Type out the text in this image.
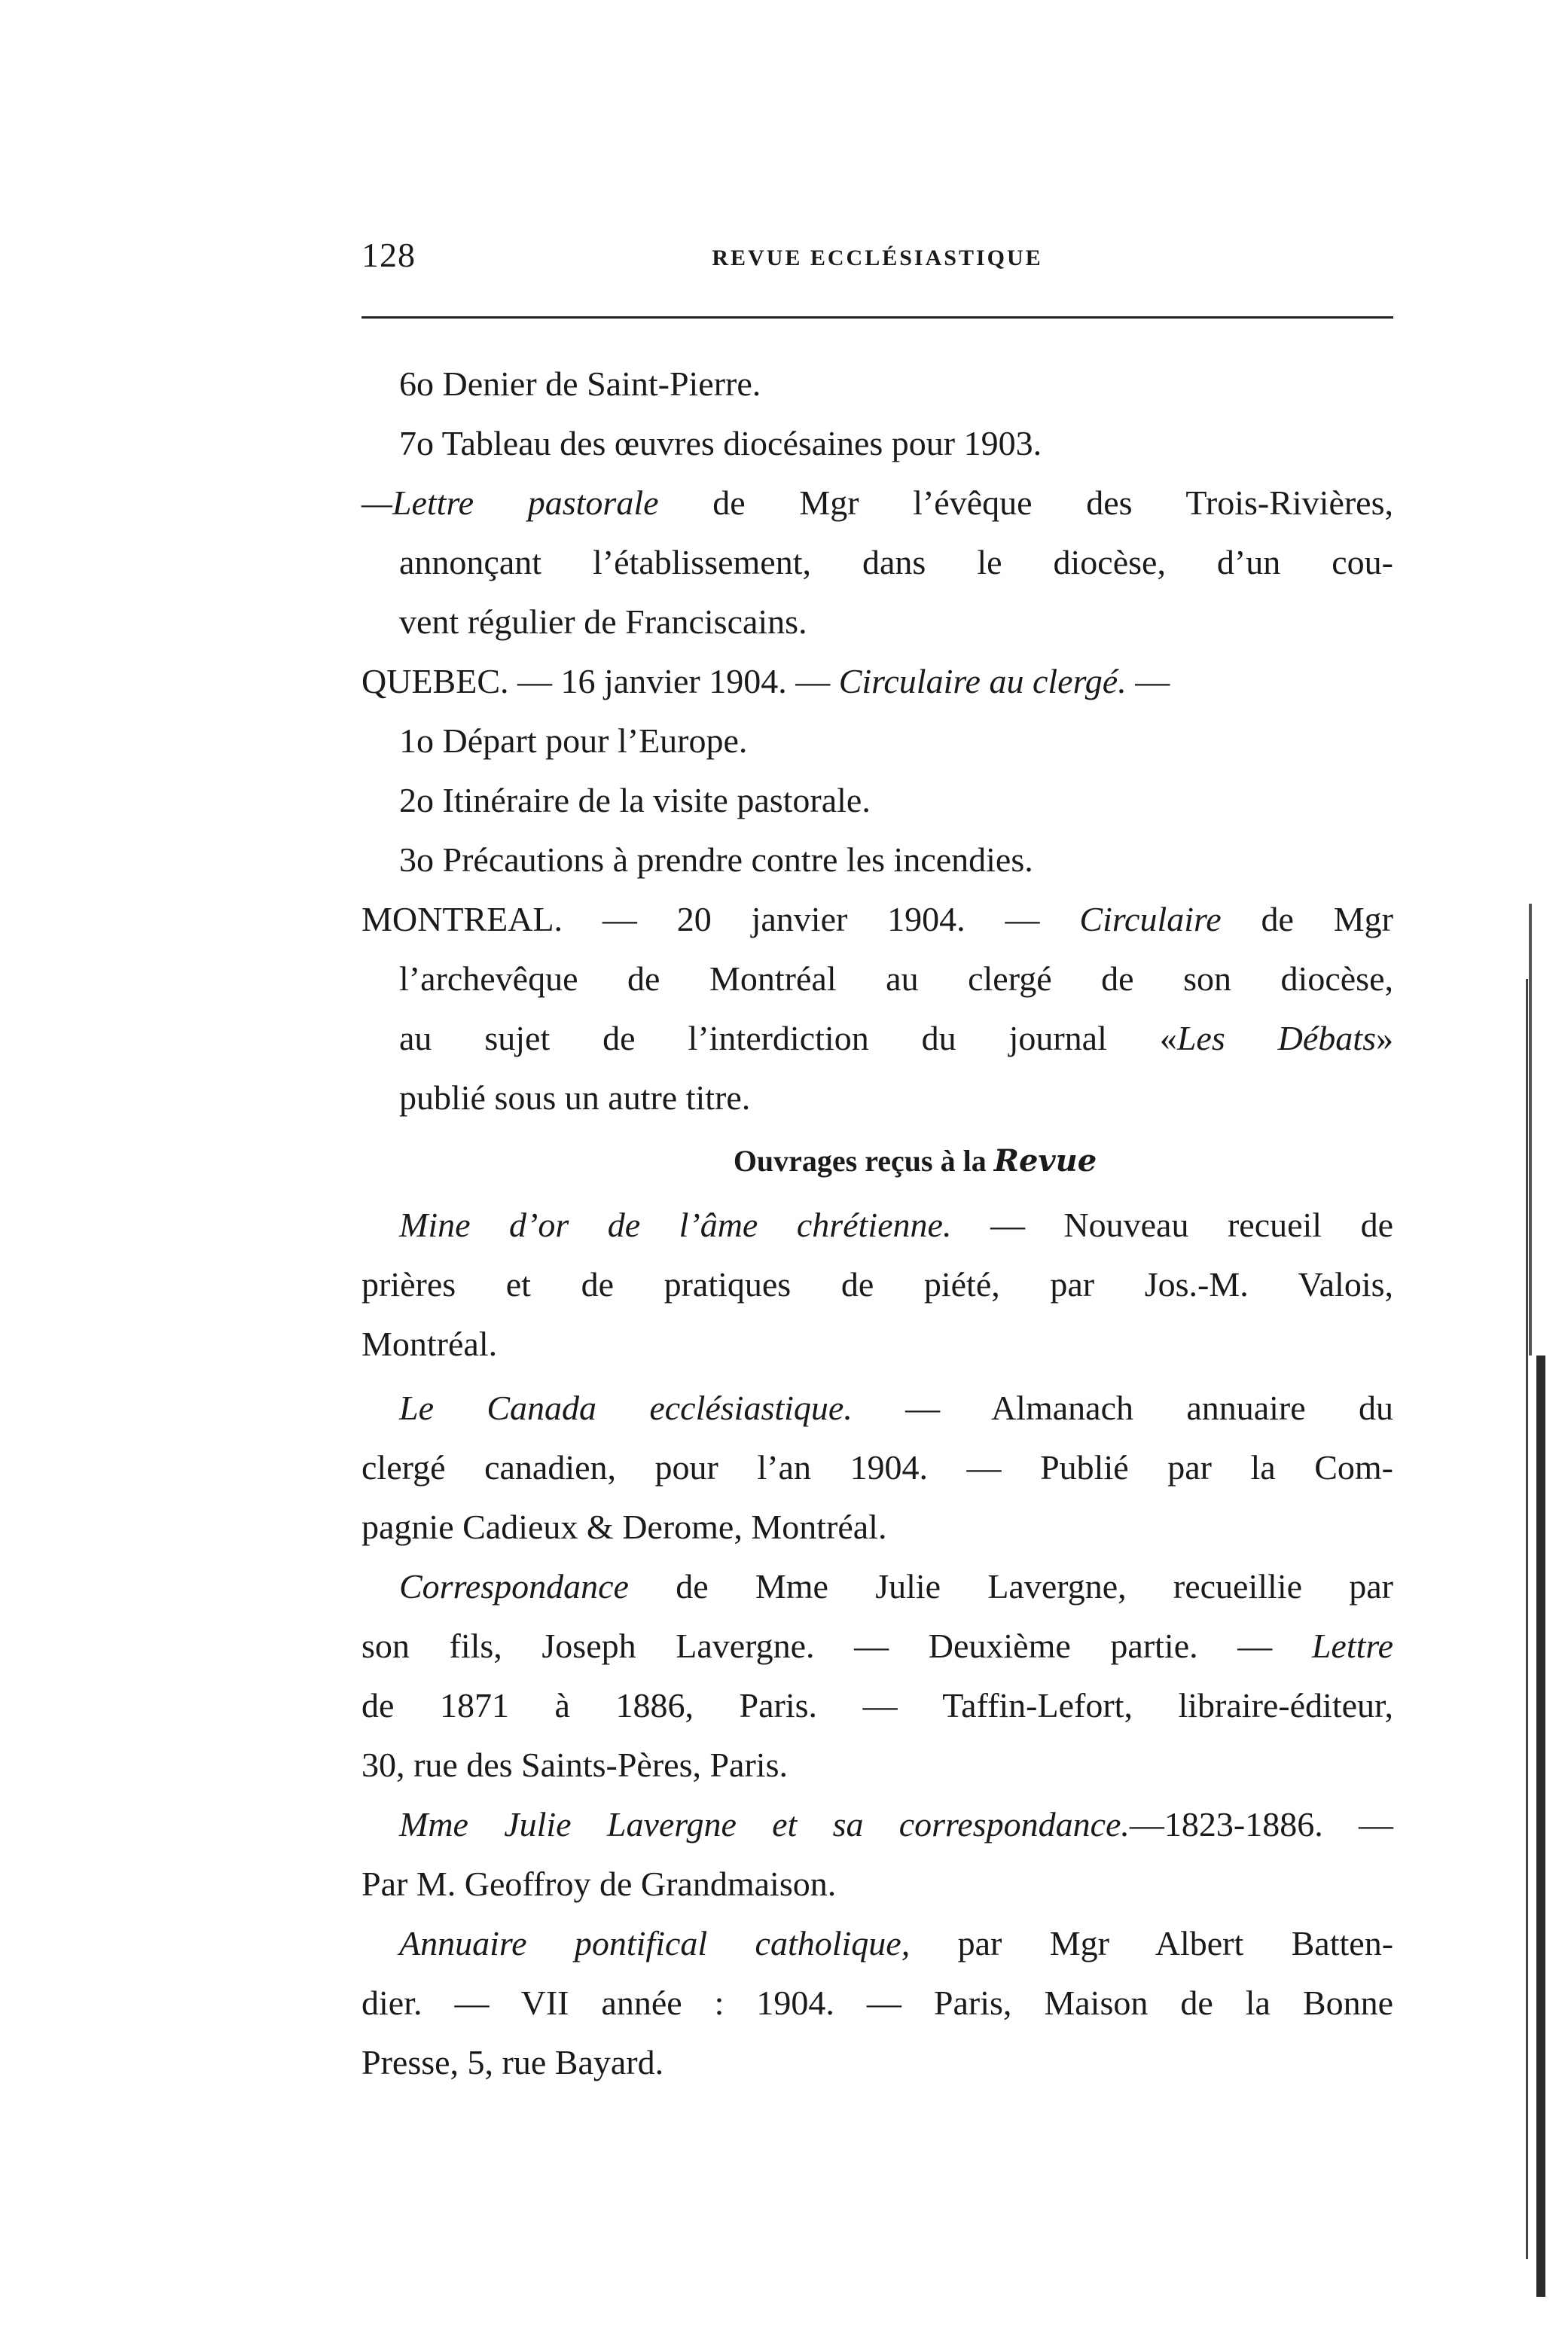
128	REVUE ECCLÉSIASTIQUE
6o Denier de Saint-Pierre.
7o Tableau des œuvres diocésaines pour 1903.
—Lettre pastorale de Mgr l’évêque des Trois-Rivières,
annonçant l’établissement, dans le diocèse, d’un cou-
vent régulier de Franciscains.
QUEBEC. — 16 janvier 1904. — Circulaire au clergé. —
1o Départ pour l’Europe.
2o Itinéraire de la visite pastorale.
3o Précautions à prendre contre les incendies.
MONTREAL. — 20 janvier 1904. — Circulaire de Mgr
l’archevêque de Montréal au clergé de son diocèse,
au sujet de l’interdiction du journal «Les Débats»
publié sous un autre titre.
Ouvrages reçus à la Revue
Mine d’or de l’âme chrétienne. — Nouveau recueil de
prières et de pratiques de piété, par Jos.-M. Valois,
Montréal.
Le Canada ecclésiastique. — Almanach annuaire du
clergé canadien, pour l’an 1904. — Publié par la Com-
pagnie Cadieux & Derome, Montréal.
Correspondance de Mme Julie Lavergne, recueillie par
son fils, Joseph Lavergne. — Deuxième partie. — Lettre
de 1871 à 1886, Paris. — Taffin-Lefort, libraire-éditeur,
30, rue des Saints-Pères, Paris.
Mme Julie Lavergne et sa correspondance.—1823-1886. —
Par M. Geoffroy de Grandmaison.
Annuaire pontifical catholique, par Mgr Albert Batten-
dier. — VII année : 1904. — Paris, Maison de la Bonne
Presse, 5, rue Bayard.
